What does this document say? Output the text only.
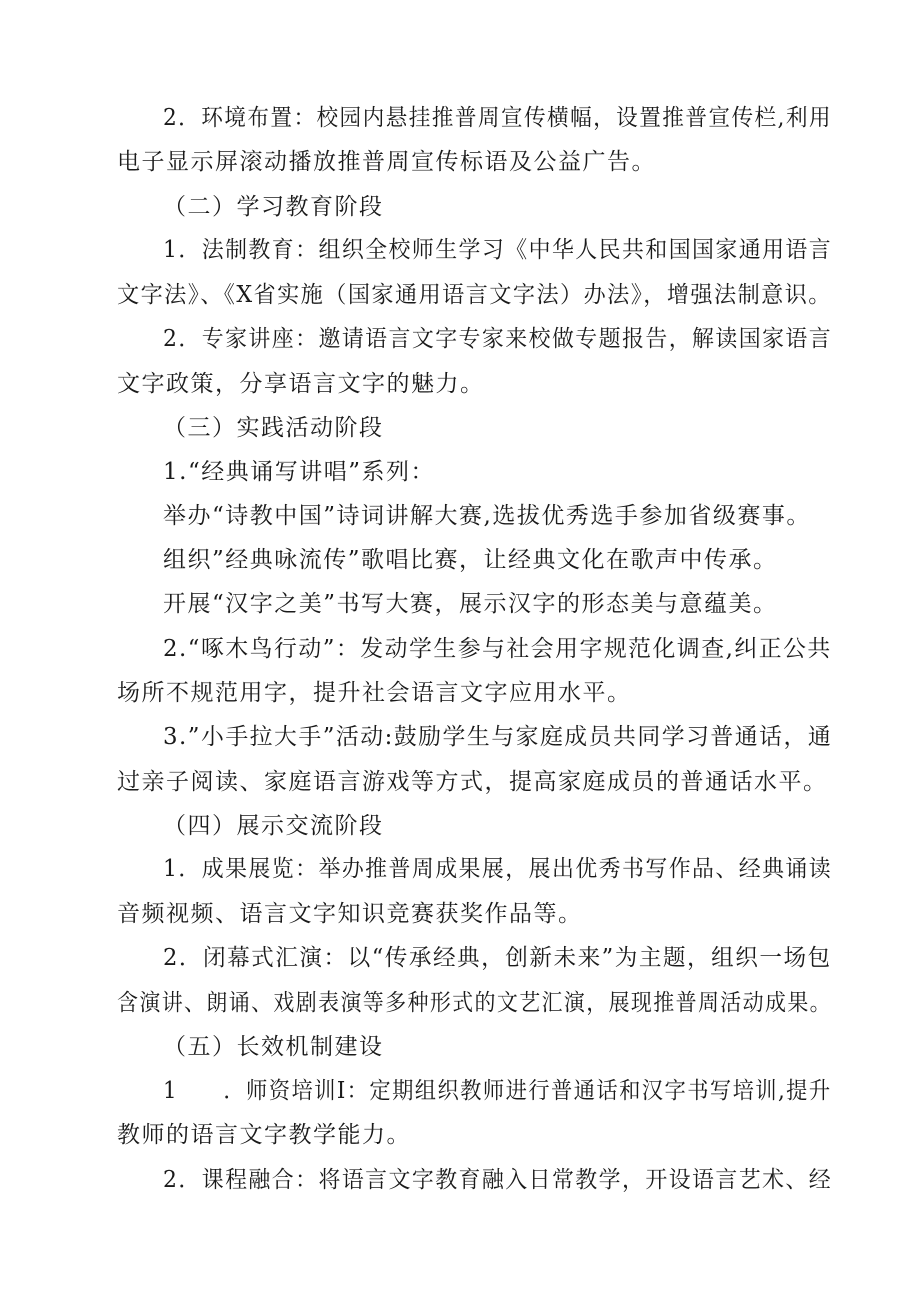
2．环境布置：校园内悬挂推普周宣传横幅，设置推普宣传栏,利用
电子显示屏滚动播放推普周宣传标语及公益广告。
（二）学习教育阶段
1．法制教育：组织全校师生学习《中华人民共和国国家通用语言
文字法》、《X省实施（国家通用语言文字法）办法》，增强法制意识。
2．专家讲座：邀请语言文字专家来校做专题报告，解读国家语言
文字政策，分享语言文字的魅力。
（三）实践活动阶段
1.“经典诵写讲唱”系列：
举办“诗教中国”诗词讲解大赛,选拔优秀选手参加省级赛事。
组织”经典咏流传”歌唱比赛，让经典文化在歌声中传承。
开展“汉字之美”书写大赛，展示汉字的形态美与意蕴美。
2.“啄木鸟行动”：发动学生参与社会用字规范化调查,纠正公共
场所不规范用字，提升社会语言文字应用水平。
3.”小手拉大手”活动:鼓励学生与家庭成员共同学习普通话，通
过亲子阅读、家庭语言游戏等方式，提高家庭成员的普通话水平。
（四）展示交流阶段
1．成果展览：举办推普周成果展，展出优秀书写作品、经典诵读
音频视频、语言文字知识竞赛获奖作品等。
2．闭幕式汇演：以“传承经典，创新未来”为主题，组织一场包
含演讲、朗诵、戏剧表演等多种形式的文艺汇演，展现推普周活动成果。
（五）长效机制建设
1　　．师资培训I：定期组织教师进行普通话和汉字书写培训,提升
教师的语言文字教学能力。
2．课程融合：将语言文字教育融入日常教学，开设语言艺术、经
